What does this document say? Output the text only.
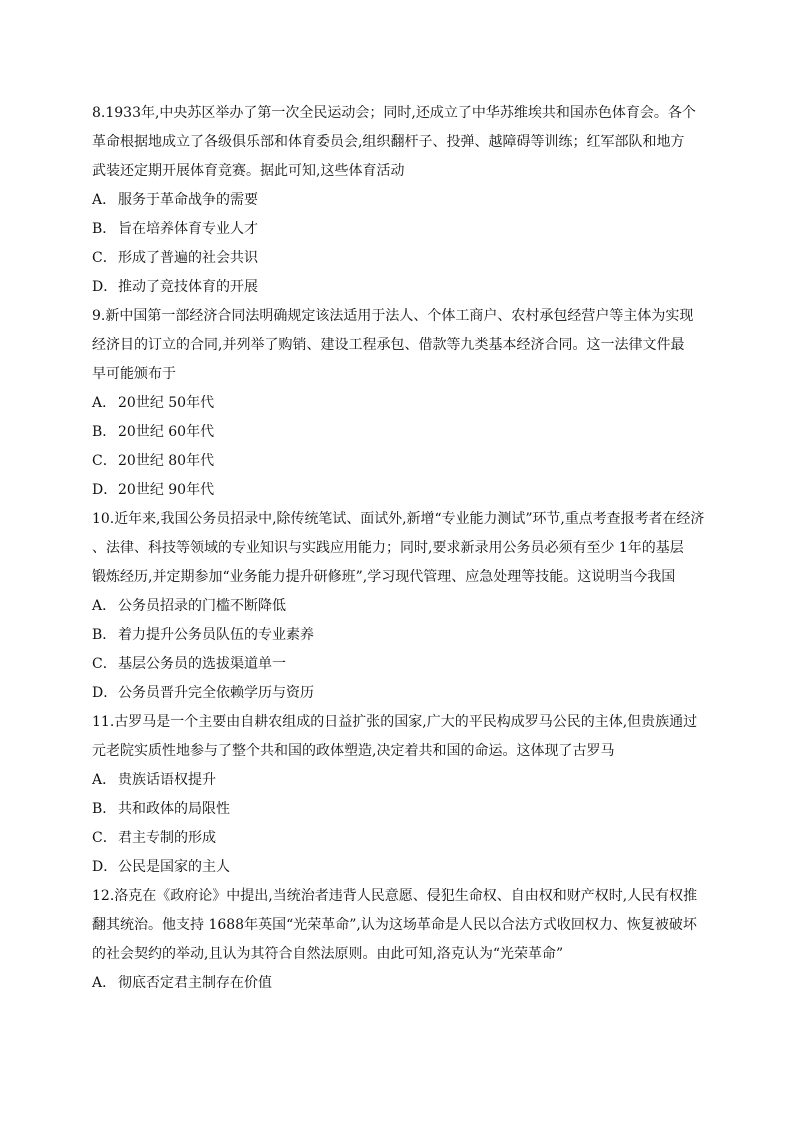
8.1933年,中央苏区举办了第一次全民运动会；同时,还成立了中华苏维埃共和国赤色体育会。各个
革命根据地成立了各级俱乐部和体育委员会,组织翻杆子、投弹、越障碍等训练；红军部队和地方
武装还定期开展体育竞赛。据此可知,这些体育活动
A． 服务于革命战争的需要
B． 旨在培养体育专业人才
C．形成了普遍的社会共识
D．推动了竞技体育的开展
9.新中国第一部经济合同法明确规定该法适用于法人、个体工商户、农村承包经营户等主体为实现
经济目的订立的合同,并列举了购销、建设工程承包、借款等九类基本经济合同。这一法律文件最
早可能颁布于
A． 20世纪 50年代
B． 20世纪 60年代
C．20世纪 80年代
D．20世纪 90年代
10.近年来,我国公务员招录中,除传统笔试、面试外,新增“专业能力测试”环节,重点考查报考者在经济
、法律、科技等领域的专业知识与实践应用能力；同时,要求新录用公务员必须有至少 1年的基层
锻炼经历,并定期参加“业务能力提升研修班”,学习现代管理、应急处理等技能。这说明当今我国
A． 公务员招录的门槛不断降低
B． 着力提升公务员队伍的专业素养
C．基层公务员的选拔渠道单一
D．公务员晋升完全依赖学历与资历
11.古罗马是一个主要由自耕农组成的日益扩张的国家,广大的平民构成罗马公民的主体,但贵族通过
元老院实质性地参与了整个共和国的政体塑造,决定着共和国的命运。这体现了古罗马
A． 贵族话语权提升
B． 共和政体的局限性
C．君主专制的形成
D．公民是国家的主人
12.洛克在《政府论》中提出,当统治者违背人民意愿、侵犯生命权、自由权和财产权时,人民有权推
翻其统治。他支持 1688年英国“光荣革命”,认为这场革命是人民以合法方式收回权力、恢复被破坏
的社会契约的举动,且认为其符合自然法原则。由此可知,洛克认为“光荣革命”
A． 彻底否定君主制存在价值
